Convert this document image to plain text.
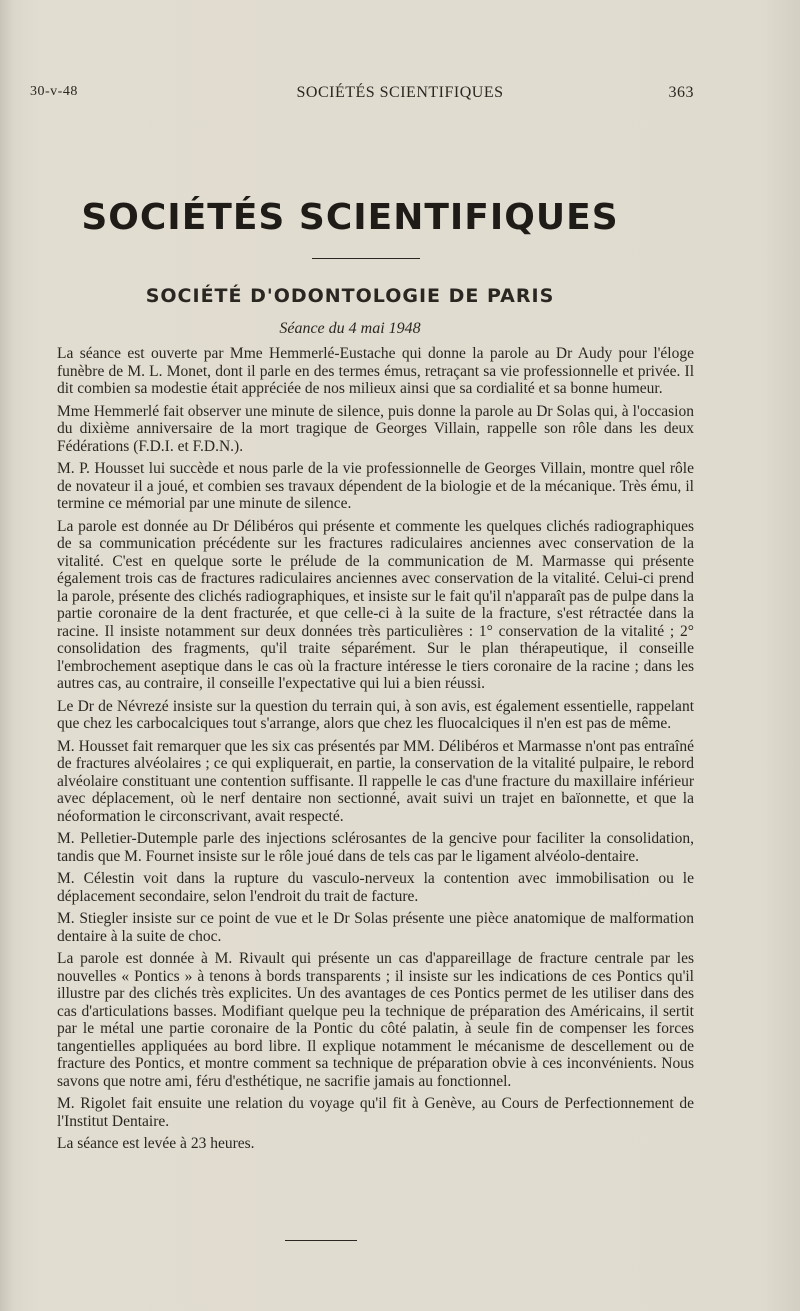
30-v-48	SOCIÉTÉS SCIENTIFIQUES	363
SOCIÉTÉS SCIENTIFIQUES
SOCIÉTÉ D'ODONTOLOGIE DE PARIS
Séance du 4 mai 1948

La séance est ouverte par Mme Hemmerlé-Eustache qui donne la parole au Dr Audy pour l'éloge funèbre de M. L. Monet, dont il parle en des termes émus, retraçant sa vie professionnelle et privée. Il dit combien sa modestie était appréciée de nos milieux ainsi que sa cordialité et sa bonne humeur.

Mme Hemmerlé fait observer une minute de silence, puis donne la parole au Dr Solas qui, à l'occasion du dixième anniversaire de la mort tragique de Georges Villain, rappelle son rôle dans les deux Fédérations (F.D.I. et F.D.N.).

M. P. Housset lui succède et nous parle de la vie professionnelle de Georges Villain, montre quel rôle de novateur il a joué, et combien ses travaux dépendent de la biologie et de la mécanique. Très ému, il termine ce mémorial par une minute de silence.

La parole est donnée au Dr Délibéros qui présente et commente les quelques clichés radiographiques de sa communication précédente sur les fractures radiculaires anciennes avec conservation de la vitalité. C'est en quelque sorte le prélude de la communication de M. Marmasse qui présente également trois cas de fractures radiculaires anciennes avec conservation de la vitalité. Celui-ci prend la parole, présente des clichés radiographiques, et insiste sur le fait qu'il n'apparaît pas de pulpe dans la partie coronaire de la dent fracturée, et que celle-ci à la suite de la fracture, s'est rétractée dans la racine. Il insiste notamment sur deux données très particulières : 1° conservation de la vitalité ; 2° consolidation des fragments, qu'il traite séparément. Sur le plan thérapeutique, il conseille l'embrochement aseptique dans le cas où la fracture intéresse le tiers coronaire de la racine ; dans les autres cas, au contraire, il conseille l'expectative qui lui a bien réussi.

Le Dr de Névrezé insiste sur la question du terrain qui, à son avis, est également essentielle, rappelant que chez les carbocalciques tout s'arrange, alors que chez les fluocalciques il n'en est pas de même.

M. Housset fait remarquer que les six cas présentés par MM. Délibéros et Marmasse n'ont pas entraîné de fractures alvéolaires ; ce qui expliquerait, en partie, la conservation de la vitalité pulpaire, le rebord alvéolaire constituant une contention suffisante. Il rappelle le cas d'une fracture du maxillaire inférieur avec déplacement, où le nerf dentaire non sectionné, avait suivi un trajet en baïonnette, et que la néoformation le circonscrivant, avait respecté.

M. Pelletier-Dutemple parle des injections sclérosantes de la gencive pour faciliter la consolidation, tandis que M. Fournet insiste sur le rôle joué dans de tels cas par le ligament alvéolo-dentaire.

M. Célestin voit dans la rupture du vasculo-nerveux la contention avec immobilisation ou le déplacement secondaire, selon l'endroit du trait de facture.

M. Stiegler insiste sur ce point de vue et le Dr Solas présente une pièce anatomique de malformation dentaire à la suite de choc.

La parole est donnée à M. Rivault qui présente un cas d'appareillage de fracture centrale par les nouvelles « Pontics » à tenons à bords transparents ; il insiste sur les indications de ces Pontics qu'il illustre par des clichés très explicites. Un des avantages de ces Pontics permet de les utiliser dans des cas d'articulations basses. Modifiant quelque peu la technique de préparation des Américains, il sertit par le métal une partie coronaire de la Pontic du côté palatin, à seule fin de compenser les forces tangentielles appliquées au bord libre. Il explique notamment le mécanisme de descellement ou de fracture des Pontics, et montre comment sa technique de préparation obvie à ces inconvénients. Nous savons que notre ami, féru d'esthétique, ne sacrifie jamais au fonctionnel.

M. Rigolet fait ensuite une relation du voyage qu'il fit à Genève, au Cours de Perfectionnement de l'Institut Dentaire.

La séance est levée à 23 heures.
